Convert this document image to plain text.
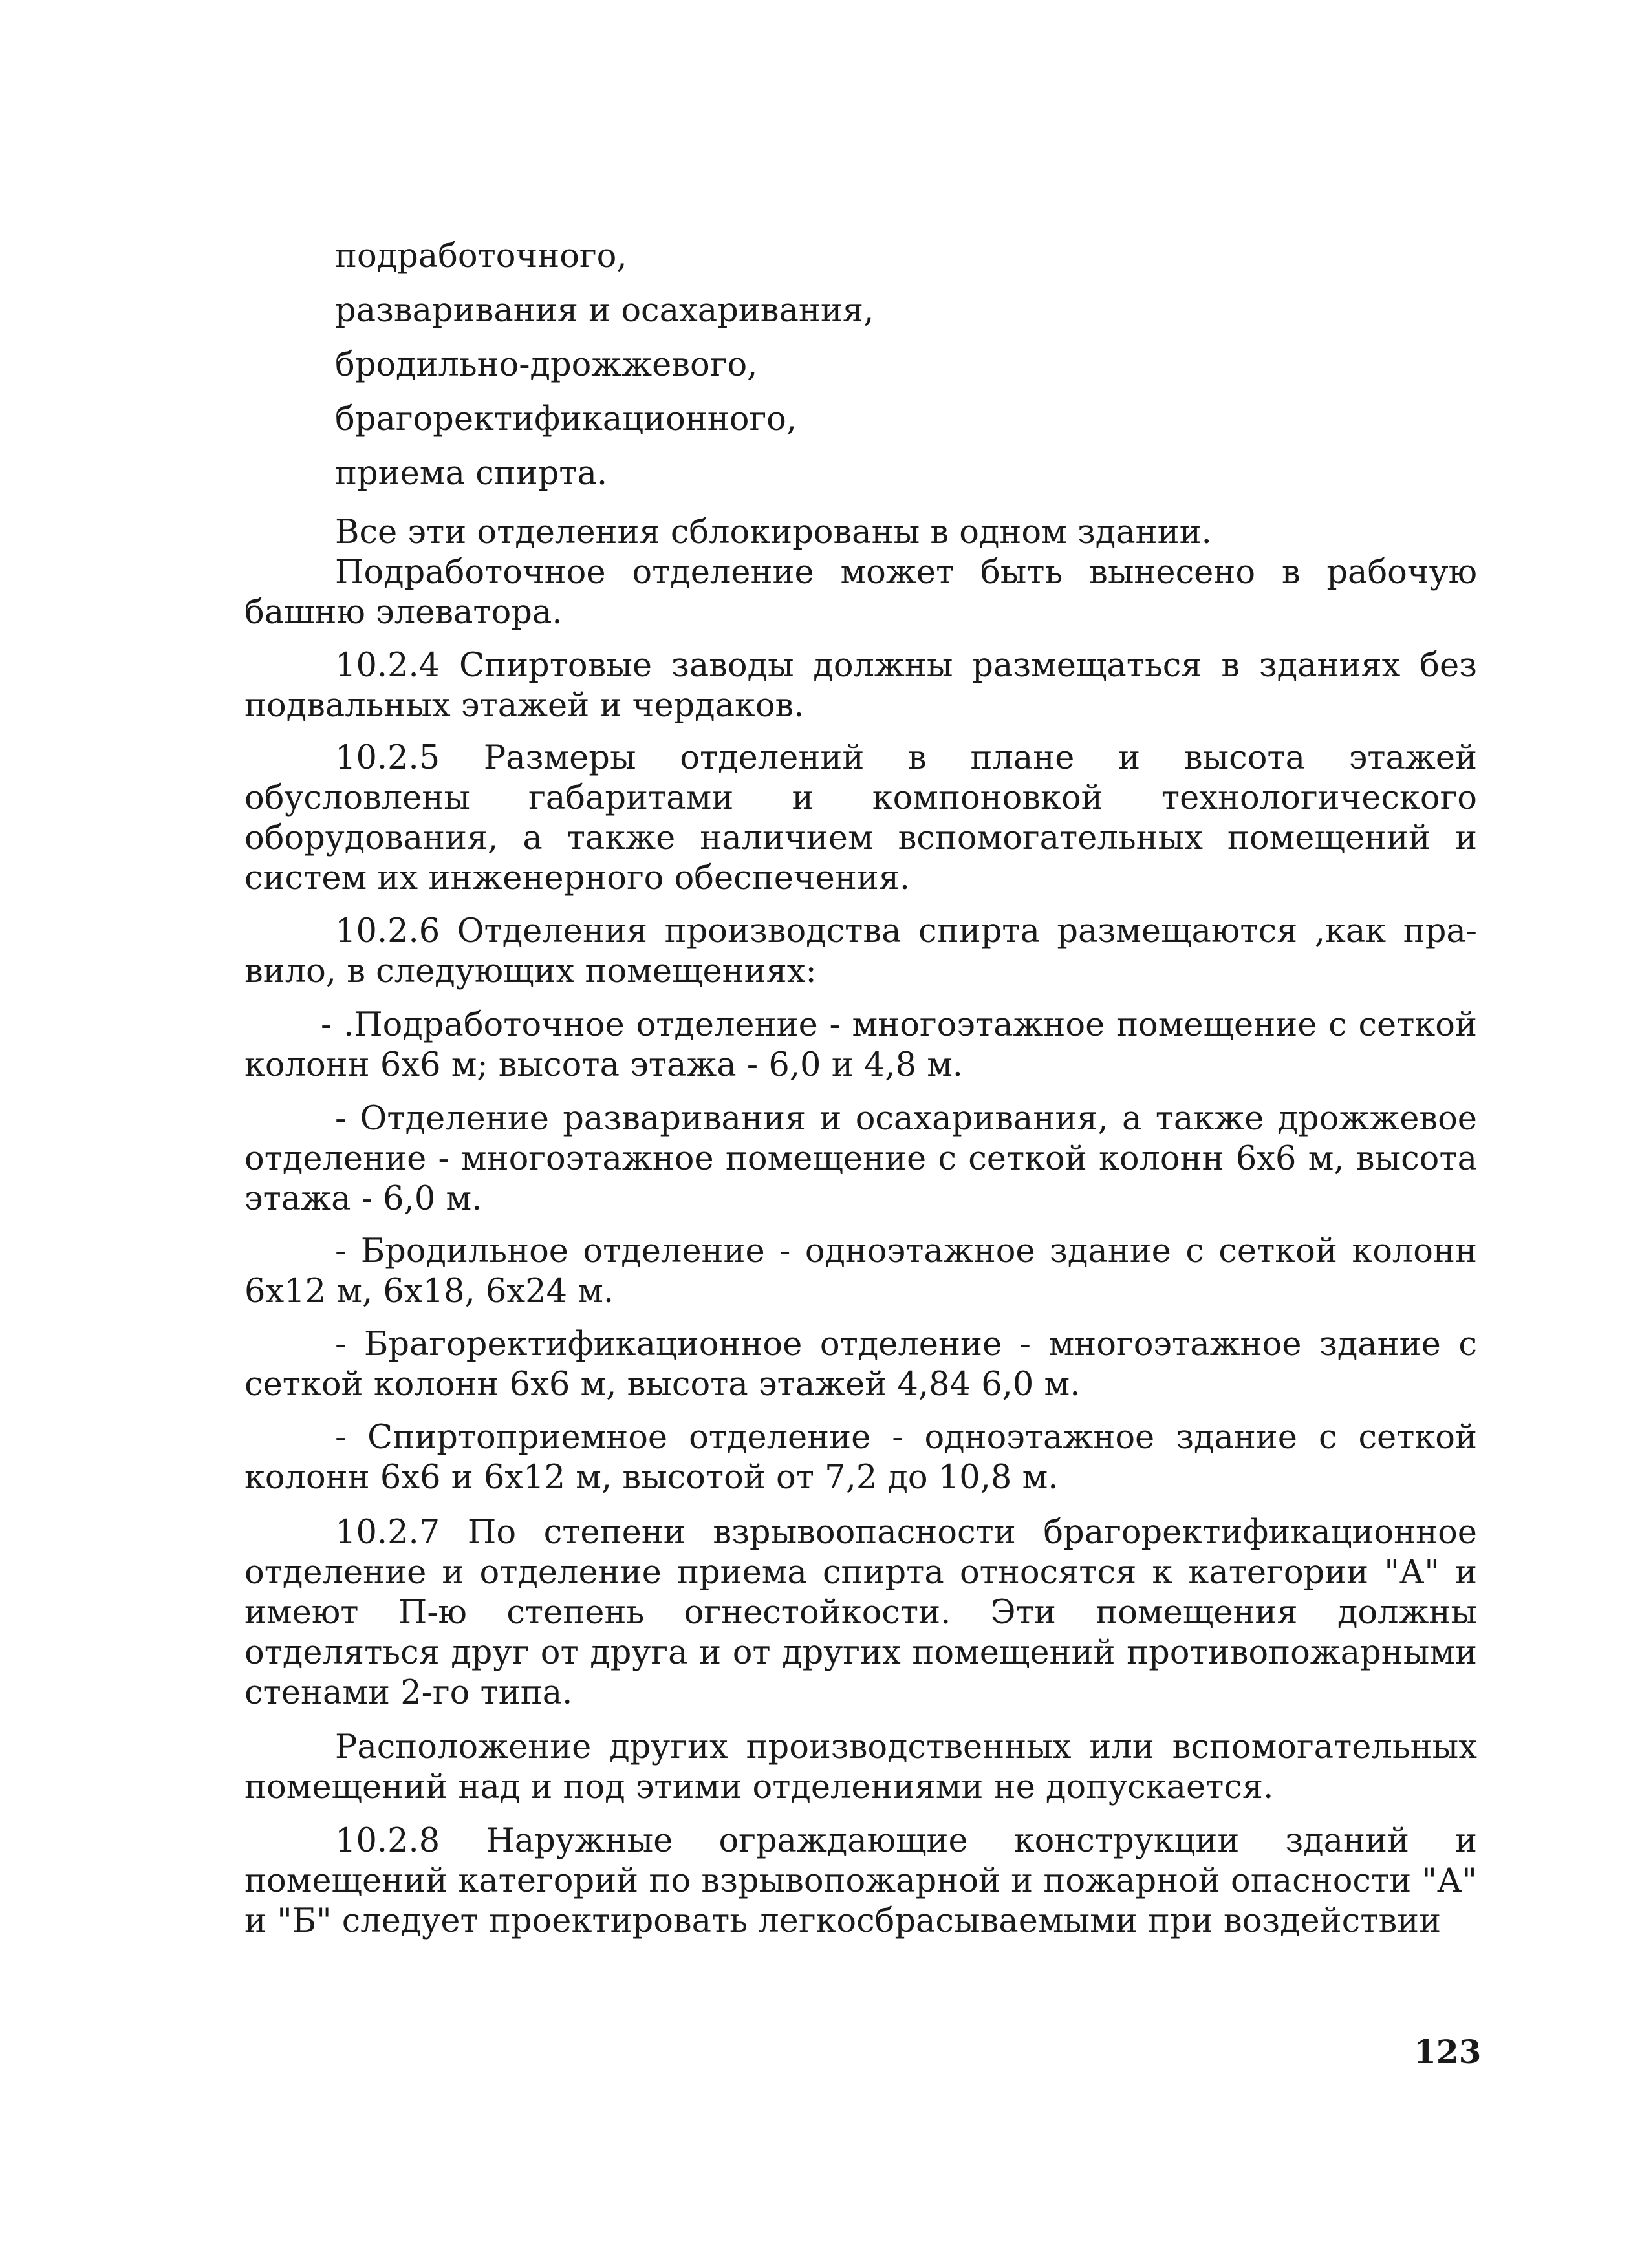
подработочного,
разваривания и осахаривания,
бродильно-дрожжевого,
брагоректификационного,
приема спирта.

Все эти отделения сблокированы в одном здании.

Подработочное отделение может быть вынесено в рабочую башню элеватора.

10.2.4 Спиртовые заводы должны размещаться в зданиях без подвальных этажей и чердаков.

10.2.5 Размеры отделений в плане и высота этажей обусловлены габаритами и компоновкой технологического оборудования, а также наличием вспомогательных помещений и систем их инженерного обеспечения.

10.2.6 Отделения производства спирта размещаются ,как пра-вило, в следующих помещениях:

- .Подработочное отделение - многоэтажное помещение с сеткой колонн 6х6 м; высота этажа - 6,0 и 4,8 м.

- Отделение разваривания и осахаривания, а также дрожжевое отделение - многоэтажное помещение с сеткой колонн 6х6 м, высота этажа - 6,0 м.

- Бродильное отделение - одноэтажное здание с сеткой колонн 6х12 м, 6х18, 6х24 м.

- Брагоректификационное отделение - многоэтажное здание с сеткой колонн 6х6 м, высота этажей 4,84 6,0 м.

- Спиртоприемное отделение - одноэтажное здание с сеткой колонн 6х6 и 6х12 м, высотой от 7,2 до 10,8 м.

10.2.7 По степени взрывоопасности брагоректификационное отделение и отделение приема спирта относятся к категории "А" и имеют П-ю степень огнестойкости. Эти помещения должны отделяться друг от друга и от других помещений противопожарными стенами 2-го типа.

Расположение других производственных или вспомогательных помещений над и под этими отделениями не допускается.

10.2.8 Наружные ограждающие конструкции зданий и помещений категорий по взрывопожарной и пожарной опасности "А" и "Б" следует проектировать легкосбрасываемыми при воздействии

123
